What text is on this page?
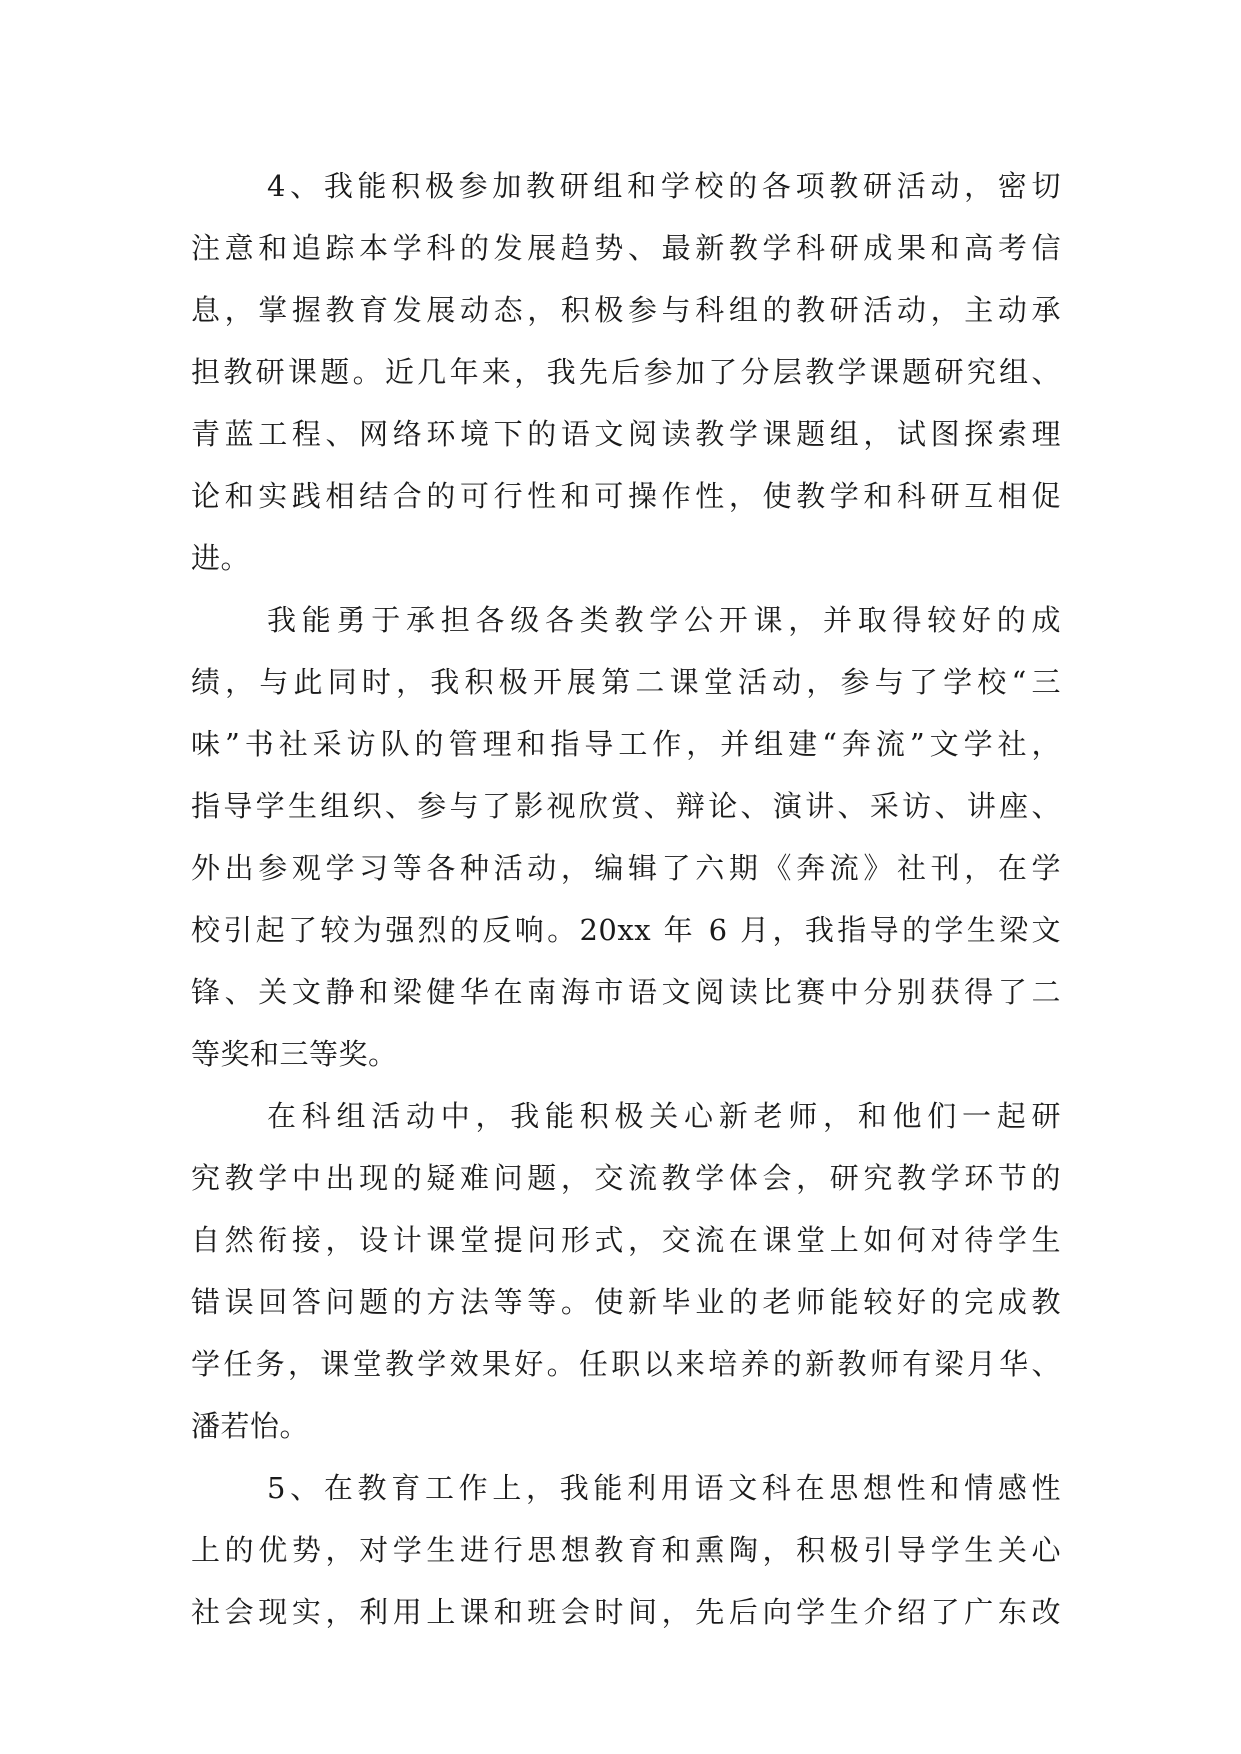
4、我能积极参加教研组和学校的各项教研活动，密切
注意和追踪本学科的发展趋势、最新教学科研成果和高考信
息，掌握教育发展动态，积极参与科组的教研活动，主动承
担教研课题。近几年来，我先后参加了分层教学课题研究组、
青蓝工程、网络环境下的语文阅读教学课题组，试图探索理
论和实践相结合的可行性和可操作性，使教学和科研互相促
进。
我能勇于承担各级各类教学公开课，并取得较好的成
绩，与此同时，我积极开展第二课堂活动，参与了学校“三
味”书社采访队的管理和指导工作，并组建“奔流”文学社，
指导学生组织、参与了影视欣赏、辩论、演讲、采访、讲座、
外出参观学习等各种活动，编辑了六期《奔流》社刊，在学
校引起了较为强烈的反响。20xx 年 6 月，我指导的学生梁文
锋、关文静和梁健华在南海市语文阅读比赛中分别获得了二
等奖和三等奖。
在科组活动中，我能积极关心新老师，和他们一起研
究教学中出现的疑难问题，交流教学体会，研究教学环节的
自然衔接，设计课堂提问形式，交流在课堂上如何对待学生
错误回答问题的方法等等。使新毕业的老师能较好的完成教
学任务，课堂教学效果好。任职以来培养的新教师有梁月华、
潘若怡。
5、在教育工作上，我能利用语文科在思想性和情感性
上的优势，对学生进行思想教育和熏陶，积极引导学生关心
社会现实，利用上课和班会时间，先后向学生介绍了广东改
